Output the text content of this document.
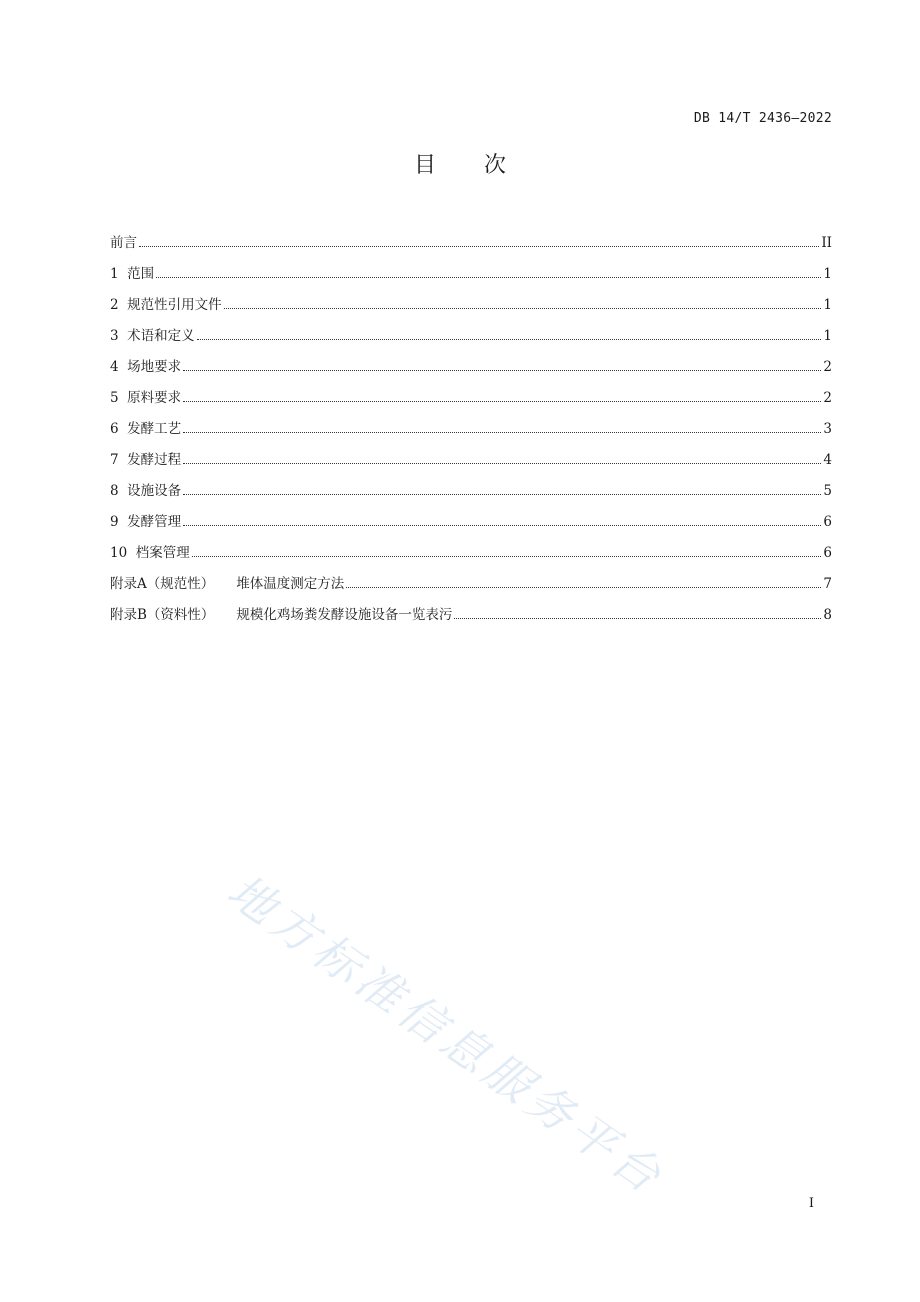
DB 14/T 2436—2022
目次
前言	II
1 范围	1
2 规范性引用文件	1
3 术语和定义	1
4 场地要求	2
5 原料要求	2
6 发酵工艺	3
7 发酵过程	4
8 设施设备	5
9 发酵管理	6
10 档案管理	6
附录A（规范性） 堆体温度测定方法	7
附录B（资料性） 规模化鸡场粪发酵设施设备一览表污	8
地方标准信息服务平台	I
